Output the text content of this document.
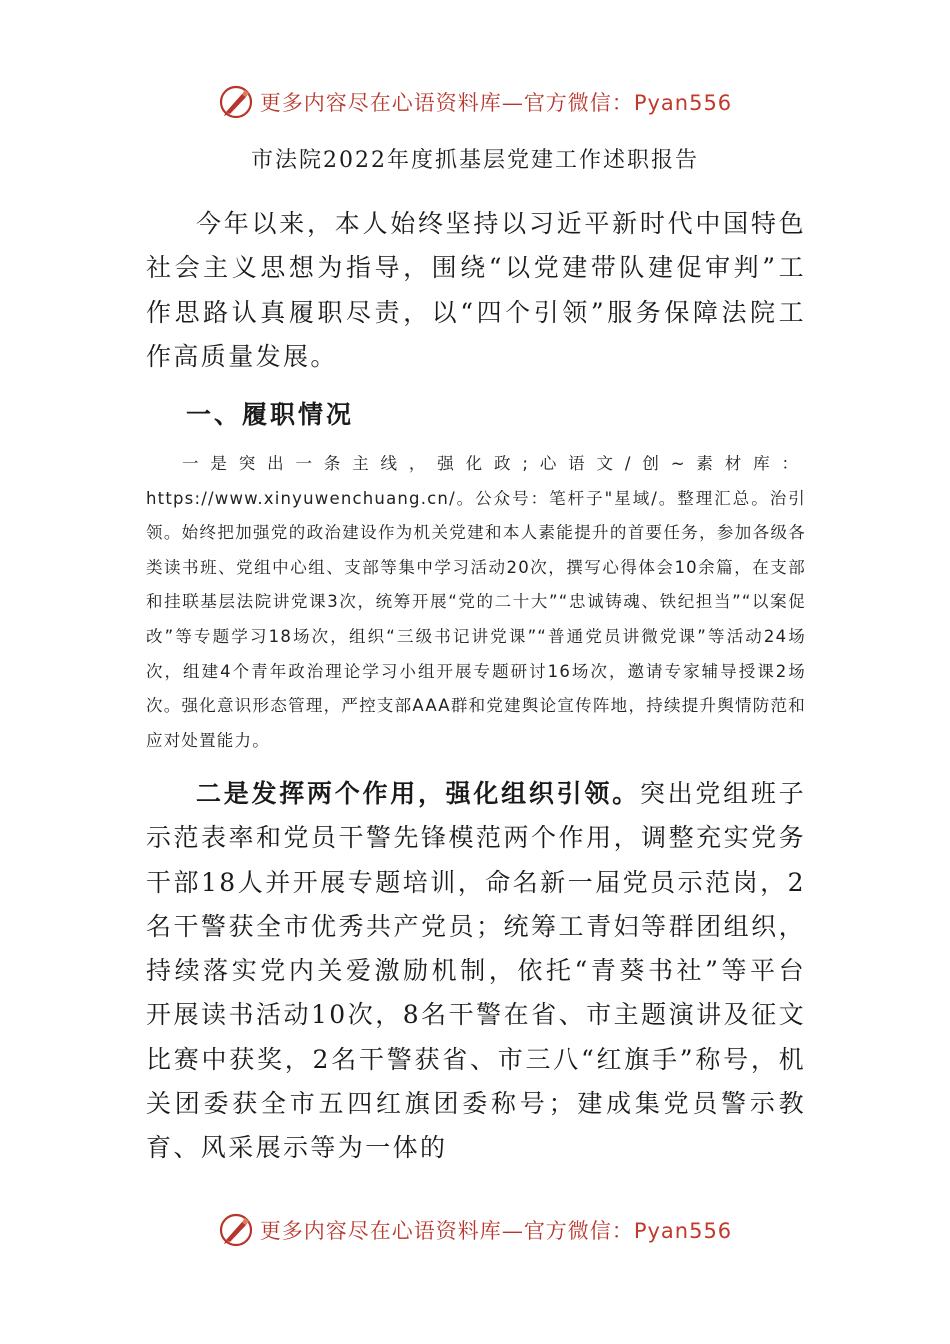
更多内容尽在心语资料库—官方微信：Pyan556
市法院2022年度抓基层党建工作述职报告

今年以来，本人始终坚持以习近平新时代中国特色社会主义思想为指导，围绕“以党建带队建促审判”工作思路认真履职尽责，以“四个引领”服务保障法院工作高质量发展。

一、履职情况

一是突出一条主线，强化政;心语文/创~素材库： https://www.xinyuwenchuang.cn/。公众号：笔杆子"星域/。整理汇总。治引领。始终把加强党的政治建设作为机关党建和本人素能提升的首要任务，参加各级各类读书班、党组中心组、支部等集中学习活动20次，撰写心得体会10余篇，在支部和挂联基层法院讲党课3次，统筹开展“党的二十大”“忠诚铸魂、铁纪担当”“以案促改”等专题学习18场次，组织“三级书记讲党课”“普通党员讲微党课”等活动24场次，组建4个青年政治理论学习小组开展专题研讨16场次，邀请专家辅导授课2场次。强化意识形态管理，严控支部AAA群和党建舆论宣传阵地，持续提升舆情防范和应对处置能力。

二是发挥两个作用，强化组织引领。突出党组班子示范表率和党员干警先锋模范两个作用，调整充实党务干部18人并开展专题培训，命名新一届党员示范岗，2名干警获全市优秀共产党员；统筹工青妇等群团组织，持续落实党内关爱激励机制，依托“青葵书社”等平台开展读书活动10次，8名干警在省、市主题演讲及征文比赛中获奖，2名干警获省、市三八“红旗手”称号，机关团委获全市五四红旗团委称号；建成集党员警示教育、风采展示等为一体的

更多内容尽在心语资料库—官方微信：Pyan556
